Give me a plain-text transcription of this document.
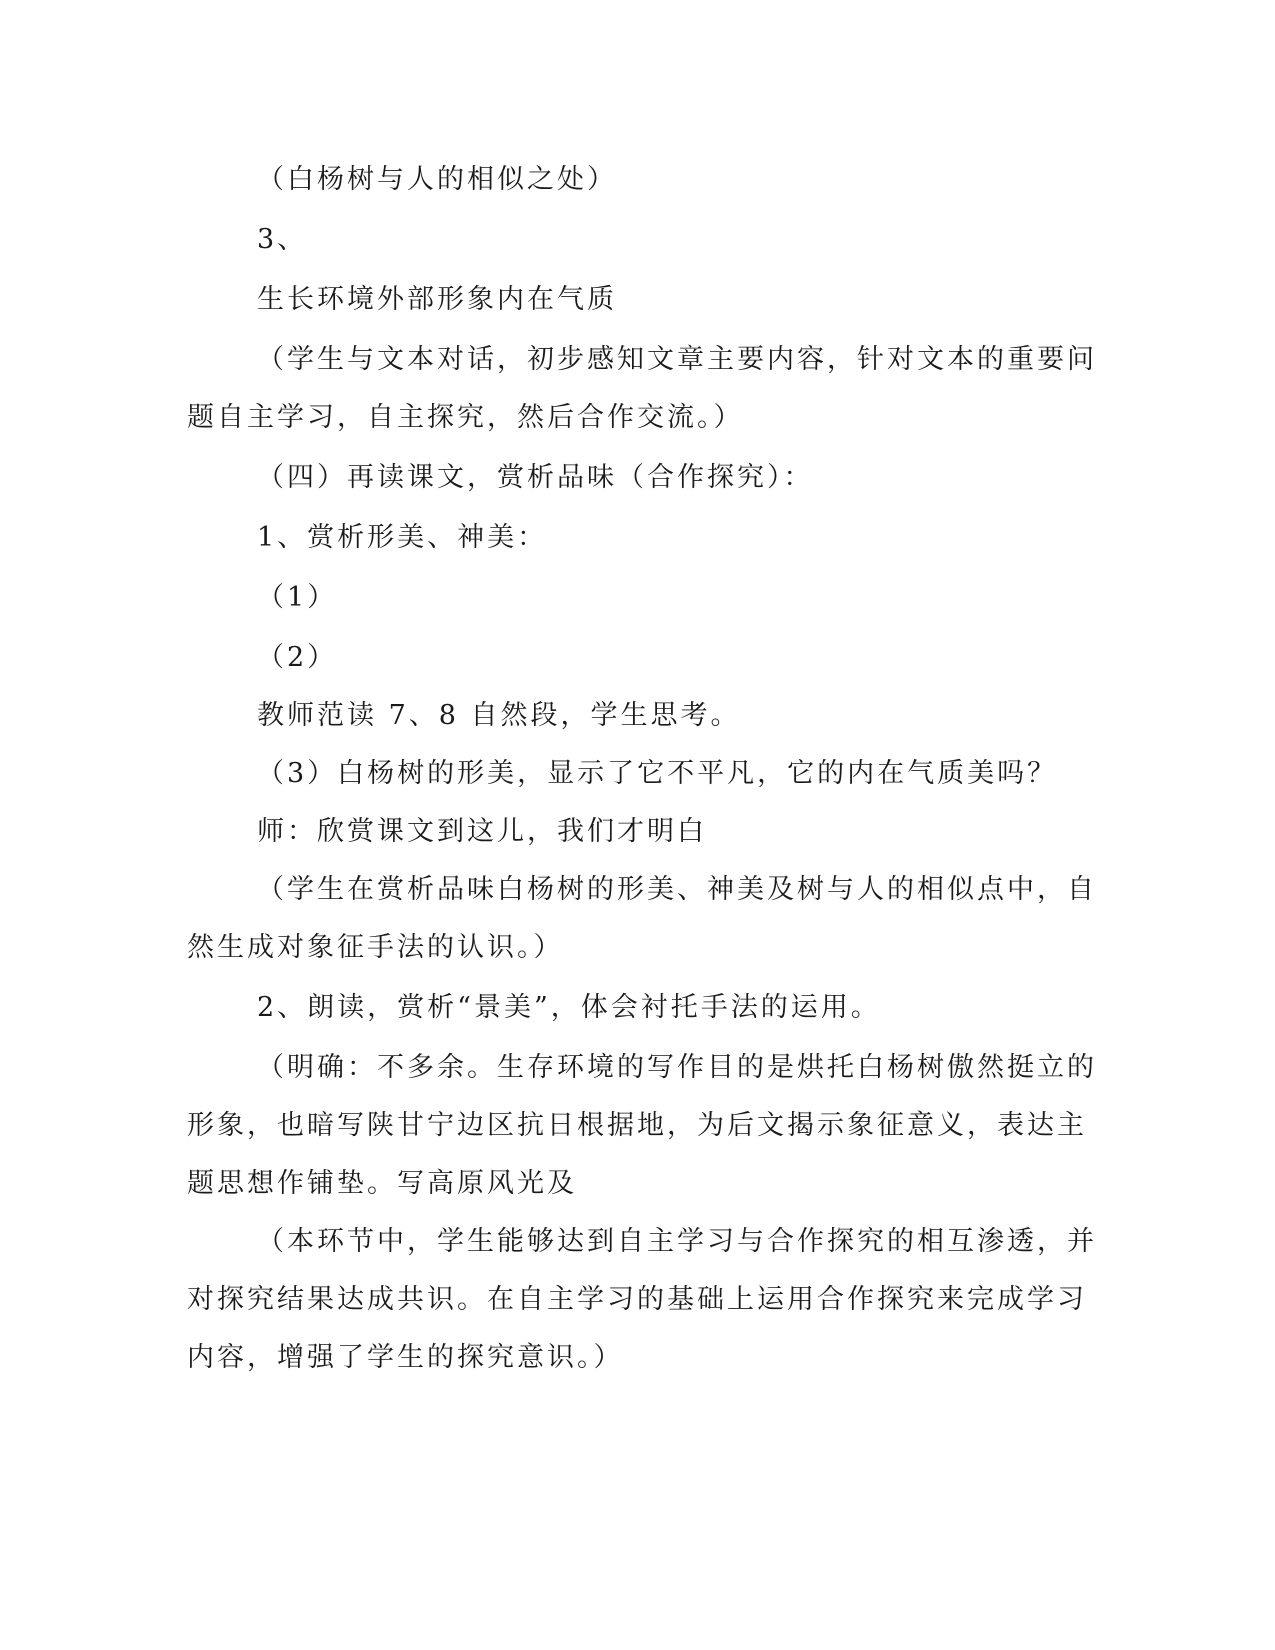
（白杨树与人的相似之处）
3、
生长环境外部形象内在气质
（学生与文本对话，初步感知文章主要内容，针对文本的重要问
题自主学习，自主探究，然后合作交流。）
（四）再读课文，赏析品味（合作探究）：
1、赏析形美、神美：
（1）
（2）
教师范读 7、8 自然段，学生思考。
（3）白杨树的形美，显示了它不平凡，它的内在气质美吗？
师：欣赏课文到这儿，我们才明白
（学生在赏析品味白杨树的形美、神美及树与人的相似点中，自
然生成对象征手法的认识。）
2、朗读，赏析“景美”，体会衬托手法的运用。
（明确：不多余。生存环境的写作目的是烘托白杨树傲然挺立的
形象，也暗写陕甘宁边区抗日根据地，为后文揭示象征意义，表达主
题思想作铺垫。写高原风光及
（本环节中，学生能够达到自主学习与合作探究的相互渗透，并
对探究结果达成共识。在自主学习的基础上运用合作探究来完成学习
内容，增强了学生的探究意识。）
